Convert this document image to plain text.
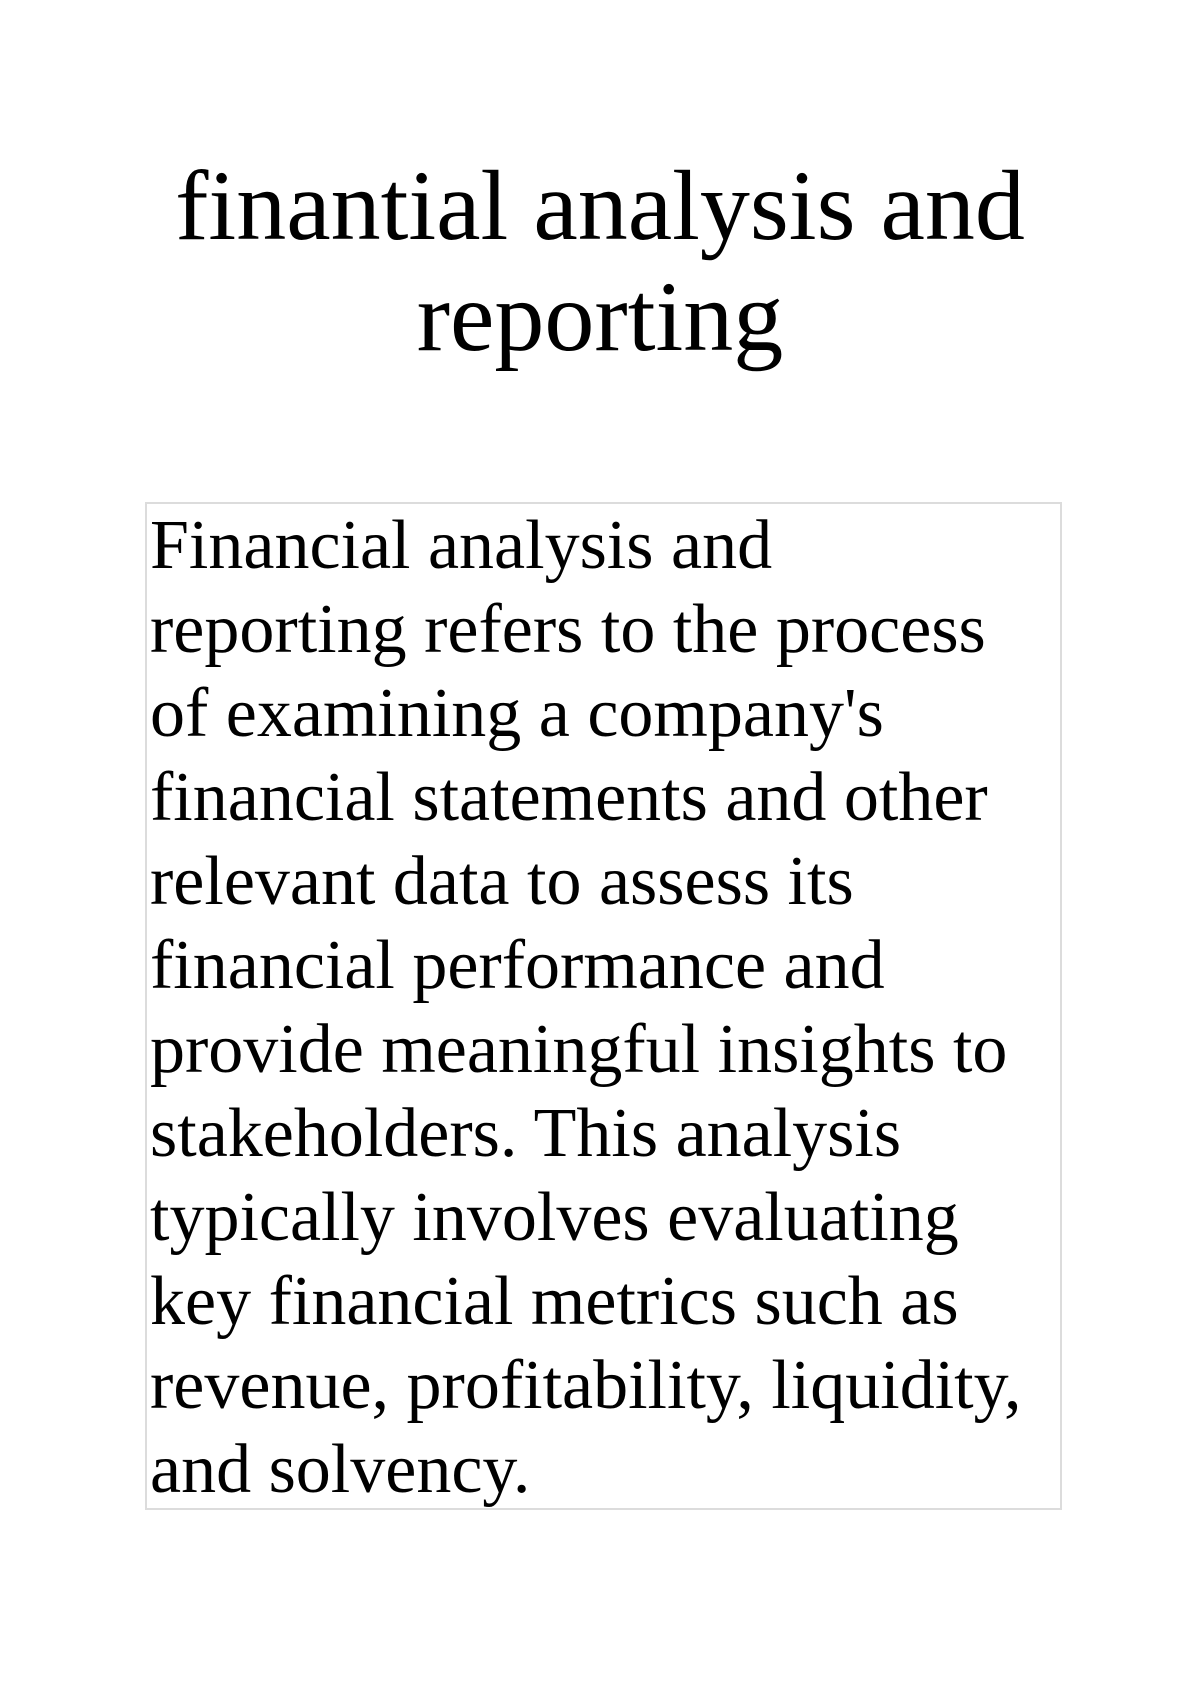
finantial analysis and reporting
Financial analysis and
reporting refers to the process
of examining a company's
financial statements and other
relevant data to assess its
financial performance and
provide meaningful insights to
stakeholders. This analysis
typically involves evaluating
key financial metrics such as
revenue, profitability, liquidity,
and solvency.
